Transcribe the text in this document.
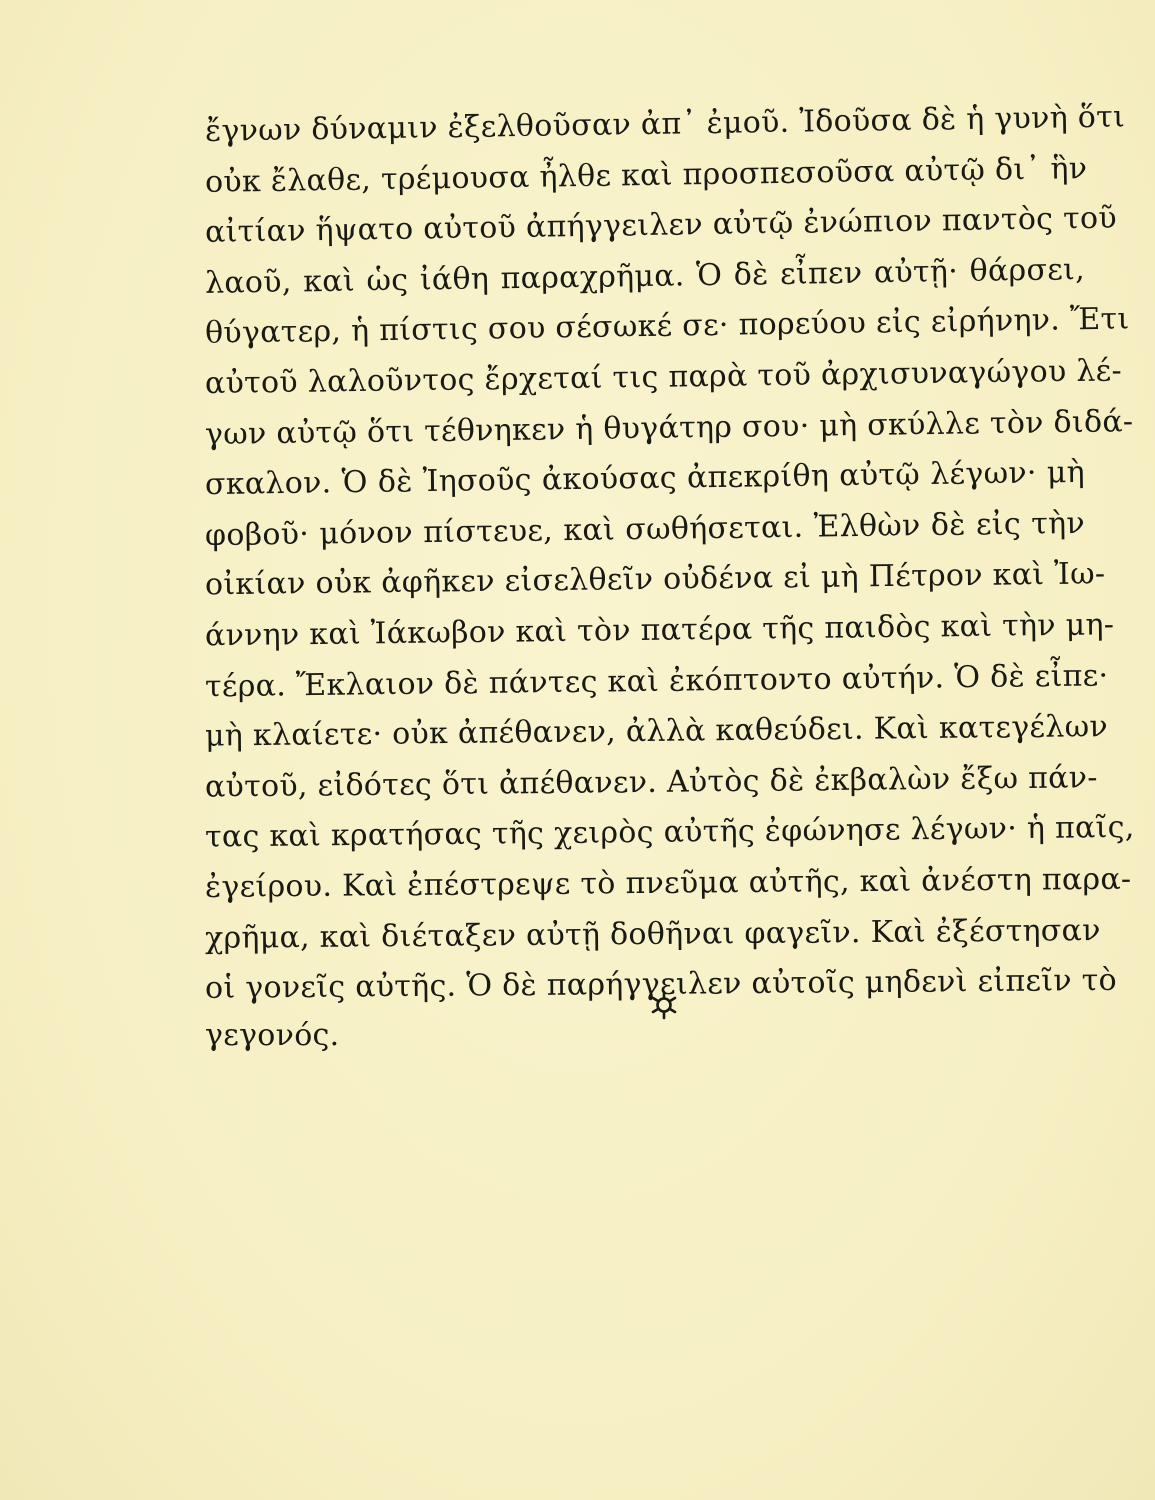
ἔγνων δύναμιν ἐξελθοῦσαν ἀπ᾽ ἐμοῦ. Ἰδοῦσα δὲ ἡ γυνὴ ὅτι
οὐκ ἔλαθε, τρέμουσα ἦλθε καὶ προσπεσοῦσα αὐτῷ δι᾽ ἣν
αἰτίαν ἥψατο αὐτοῦ ἀπήγγειλεν αὐτῷ ἐνώπιον παντὸς τοῦ
λαοῦ, καὶ ὡς ἰάθη παραχρῆμα. Ὁ δὲ εἶπεν αὐτῇ· θάρσει,
θύγατερ, ἡ πίστις σου σέσωκέ σε· πορεύου εἰς εἰρήνην. Ἔτι
αὐτοῦ λαλοῦντος ἔρχεταί τις παρὰ τοῦ ἀρχισυναγώγου λέ-
γων αὐτῷ ὅτι τέθνηκεν ἡ θυγάτηρ σου· μὴ σκύλλε τὸν διδά-
σκαλον. Ὁ δὲ Ἰησοῦς ἀκούσας ἀπεκρίθη αὐτῷ λέγων· μὴ
φοβοῦ· μόνον πίστευε, καὶ σωθήσεται. Ἐλθὼν δὲ εἰς τὴν
οἰκίαν οὐκ ἀφῆκεν εἰσελθεῖν οὐδένα εἰ μὴ Πέτρον καὶ Ἰω-
άννην καὶ Ἰάκωβον καὶ τὸν πατέρα τῆς παιδὸς καὶ τὴν μη-
τέρα. Ἔκλαιον δὲ πάντες καὶ ἐκόπτοντο αὐτήν. Ὁ δὲ εἶπε·
μὴ κλαίετε· οὐκ ἀπέθανεν, ἀλλὰ καθεύδει. Καὶ κατεγέλων
αὐτοῦ, εἰδότες ὅτι ἀπέθανεν. Αὐτὸς δὲ ἐκβαλὼν ἔξω πάν-
τας καὶ κρατήσας τῆς χειρὸς αὐτῆς ἐφώνησε λέγων· ἡ παῖς,
ἐγείρου. Καὶ ἐπέστρεψε τὸ πνεῦμα αὐτῆς, καὶ ἀνέστη παρα-
χρῆμα, καὶ διέταξεν αὐτῇ δοθῆναι φαγεῖν. Καὶ ἐξέστησαν
οἱ γονεῖς αὐτῆς. Ὁ δὲ παρήγγειλεν αὐτοῖς μηδενὶ εἰπεῖν τὸ
γεγονός.
